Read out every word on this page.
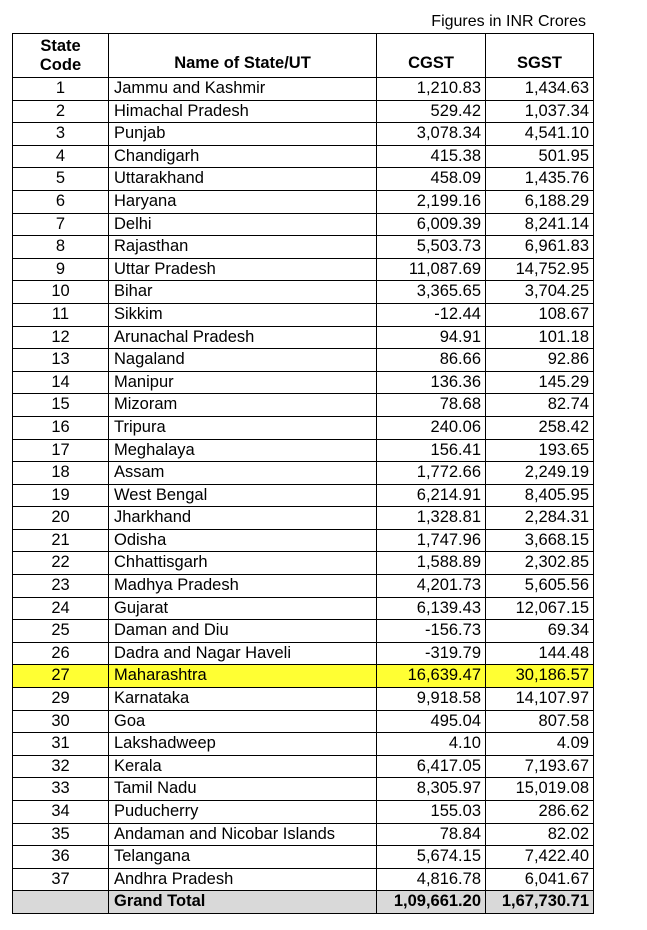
Figures in INR Crores
State
Code	Name of State/UT	CGST	SGST
1	Jammu and Kashmir	1,210.83	1,434.63
2	Himachal Pradesh	529.42	1,037.34
3	Punjab	3,078.34	4,541.10
4	Chandigarh	415.38	501.95
5	Uttarakhand	458.09	1,435.76
6	Haryana	2,199.16	6,188.29
7	Delhi	6,009.39	8,241.14
8	Rajasthan	5,503.73	6,961.83
9	Uttar Pradesh	11,087.69	14,752.95
10	Bihar	3,365.65	3,704.25
11	Sikkim	-12.44	108.67
12	Arunachal Pradesh	94.91	101.18
13	Nagaland	86.66	92.86
14	Manipur	136.36	145.29
15	Mizoram	78.68	82.74
16	Tripura	240.06	258.42
17	Meghalaya	156.41	193.65
18	Assam	1,772.66	2,249.19
19	West Bengal	6,214.91	8,405.95
20	Jharkhand	1,328.81	2,284.31
21	Odisha	1,747.96	3,668.15
22	Chhattisgarh	1,588.89	2,302.85
23	Madhya Pradesh	4,201.73	5,605.56
24	Gujarat	6,139.43	12,067.15
25	Daman and Diu	-156.73	69.34
26	Dadra and Nagar Haveli	-319.79	144.48
27	Maharashtra	16,639.47	30,186.57
29	Karnataka	9,918.58	14,107.97
30	Goa	495.04	807.58
31	Lakshadweep	4.10	4.09
32	Kerala	6,417.05	7,193.67
33	Tamil Nadu	8,305.97	15,019.08
34	Puducherry	155.03	286.62
35	Andaman and Nicobar Islands	78.84	82.02
36	Telangana	5,674.15	7,422.40
37	Andhra Pradesh	4,816.78	6,041.67
	Grand Total	1,09,661.20	1,67,730.71
